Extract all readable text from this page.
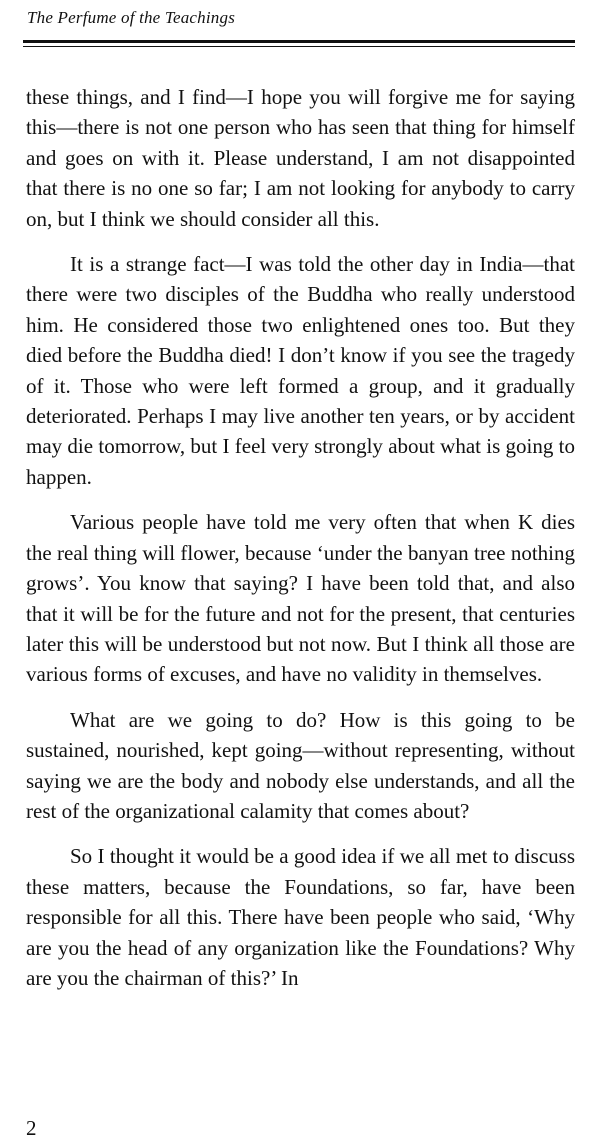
The Perfume of the Teachings

these things, and I find—I hope you will forgive me for saying this—there is not one person who has seen that thing for himself and goes on with it. Please understand, I am not disappointed that there is no one so far; I am not looking for anybody to carry on, but I think we should consider all this.

It is a strange fact—I was told the other day in India—that there were two disciples of the Buddha who really understood him. He considered those two enlightened ones too. But they died before the Buddha died! I don’t know if you see the tragedy of it. Those who were left formed a group, and it gradually deteriorated. Perhaps I may live another ten years, or by accident may die tomorrow, but I feel very strongly about what is going to happen.

Various people have told me very often that when K dies the real thing will flower, because ‘under the banyan tree nothing grows’. You know that saying? I have been told that, and also that it will be for the future and not for the present, that centuries later this will be understood but not now. But I think all those are various forms of excuses, and have no validity in themselves.

What are we going to do? How is this going to be sustained, nourished, kept going—without representing, without saying we are the body and nobody else understands, and all the rest of the organizational calamity that comes about?

So I thought it would be a good idea if we all met to discuss these matters, because the Foundations, so far, have been responsible for all this. There have been people who said, ‘Why are you the head of any organization like the Foundations? Why are you the chairman of this?’ In

2
